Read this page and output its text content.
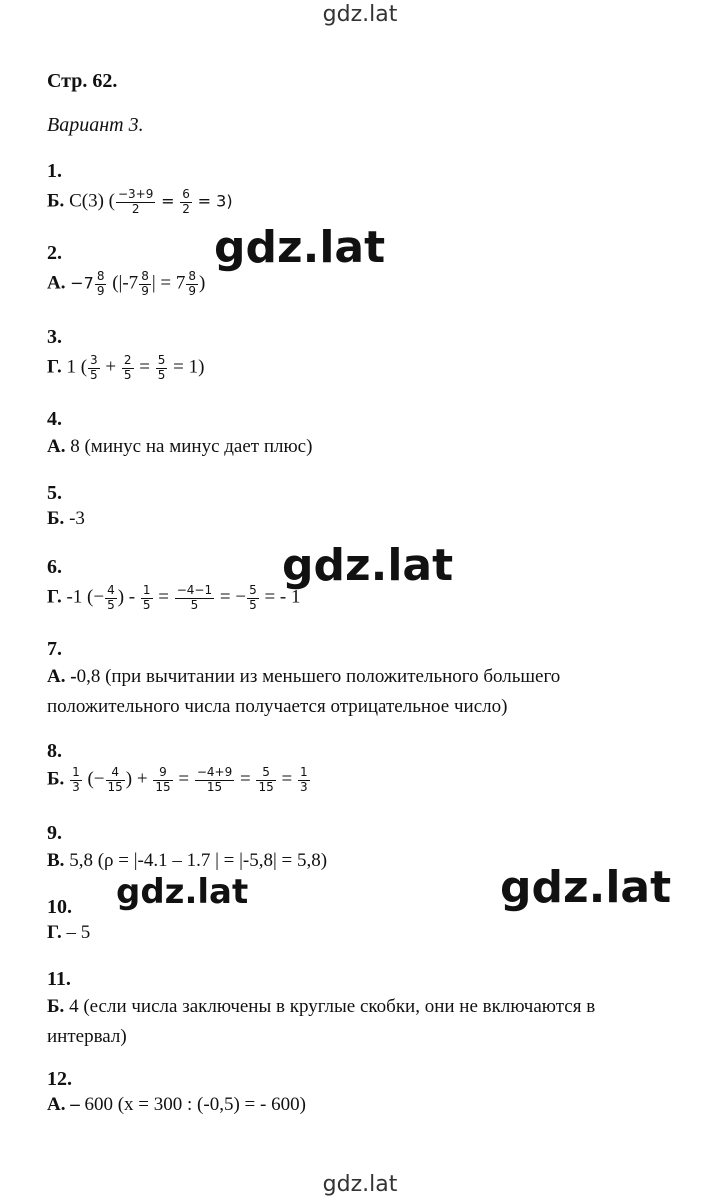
gdz.lat
Стр. 62.
Вариант 3.
1.
Б. С(3) ( $\frac{-3+9}{2} = \frac{6}{2} = 3$)
2.
А. $-7 \frac{8}{9} (|-7 \frac{8}{9}$ | = $7 \frac{8}{9}$ )
3.
Г. 1 ( $\frac{3}{5} + \frac{2}{5} = \frac{5}{5} = 1$)
4.
А. 8 (минус на минус дает плюс)
5.
Б. -3
6.
Г. -1 (− $\frac{4}{5}$ ) - $\frac{1}{5} = \frac{-4-1}{5}$ = − $\frac{5}{5}$ = - 1
7.
А. -0,8 (при вычитании из меньшего положительного большего положительного числа получается отрицательное число)
8.
Б. $\frac{1}{3}$ (− $\frac{4}{15}$ ) + $\frac{9}{15} = \frac{-4+9}{15} = \frac{5}{15} = \frac{1}{3}$
9.
В. 5,8 (ρ = |-4.1 – 1.7 | = |-5,8| = 5,8)
10.
Г. – 5
11.
Б. 4 (если числа заключены в круглые скобки, они не включаются в интервал)
12.
А. – 600 (x = 300 : (-0,5) = - 600)
gdz.lat
gdz.lat
gdz.lat	gdz.lat
gdz.lat
